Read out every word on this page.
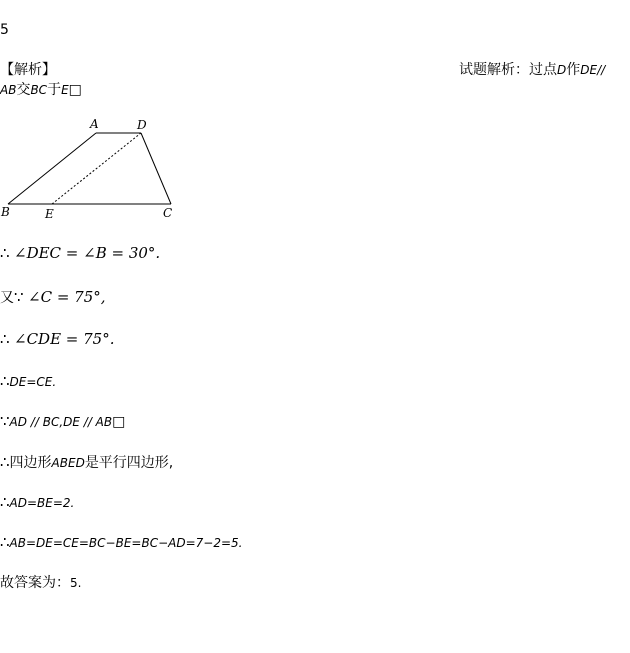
5
【解析】	试题解析：过点D作DE//
AB交BC于E□
A	D
B	E	C
∴ ∠DEC = ∠B = 30°.
又∵ ∠C = 75°,
∴ ∠CDE = 75°.
∴DE=CE.
∵AD // BC,DE // AB□
∴四边形ABED是平行四边形,
∴AD=BE=2.
∴AB=DE=CE=BC−BE=BC−AD=7−2=5.
故答案为：5.
